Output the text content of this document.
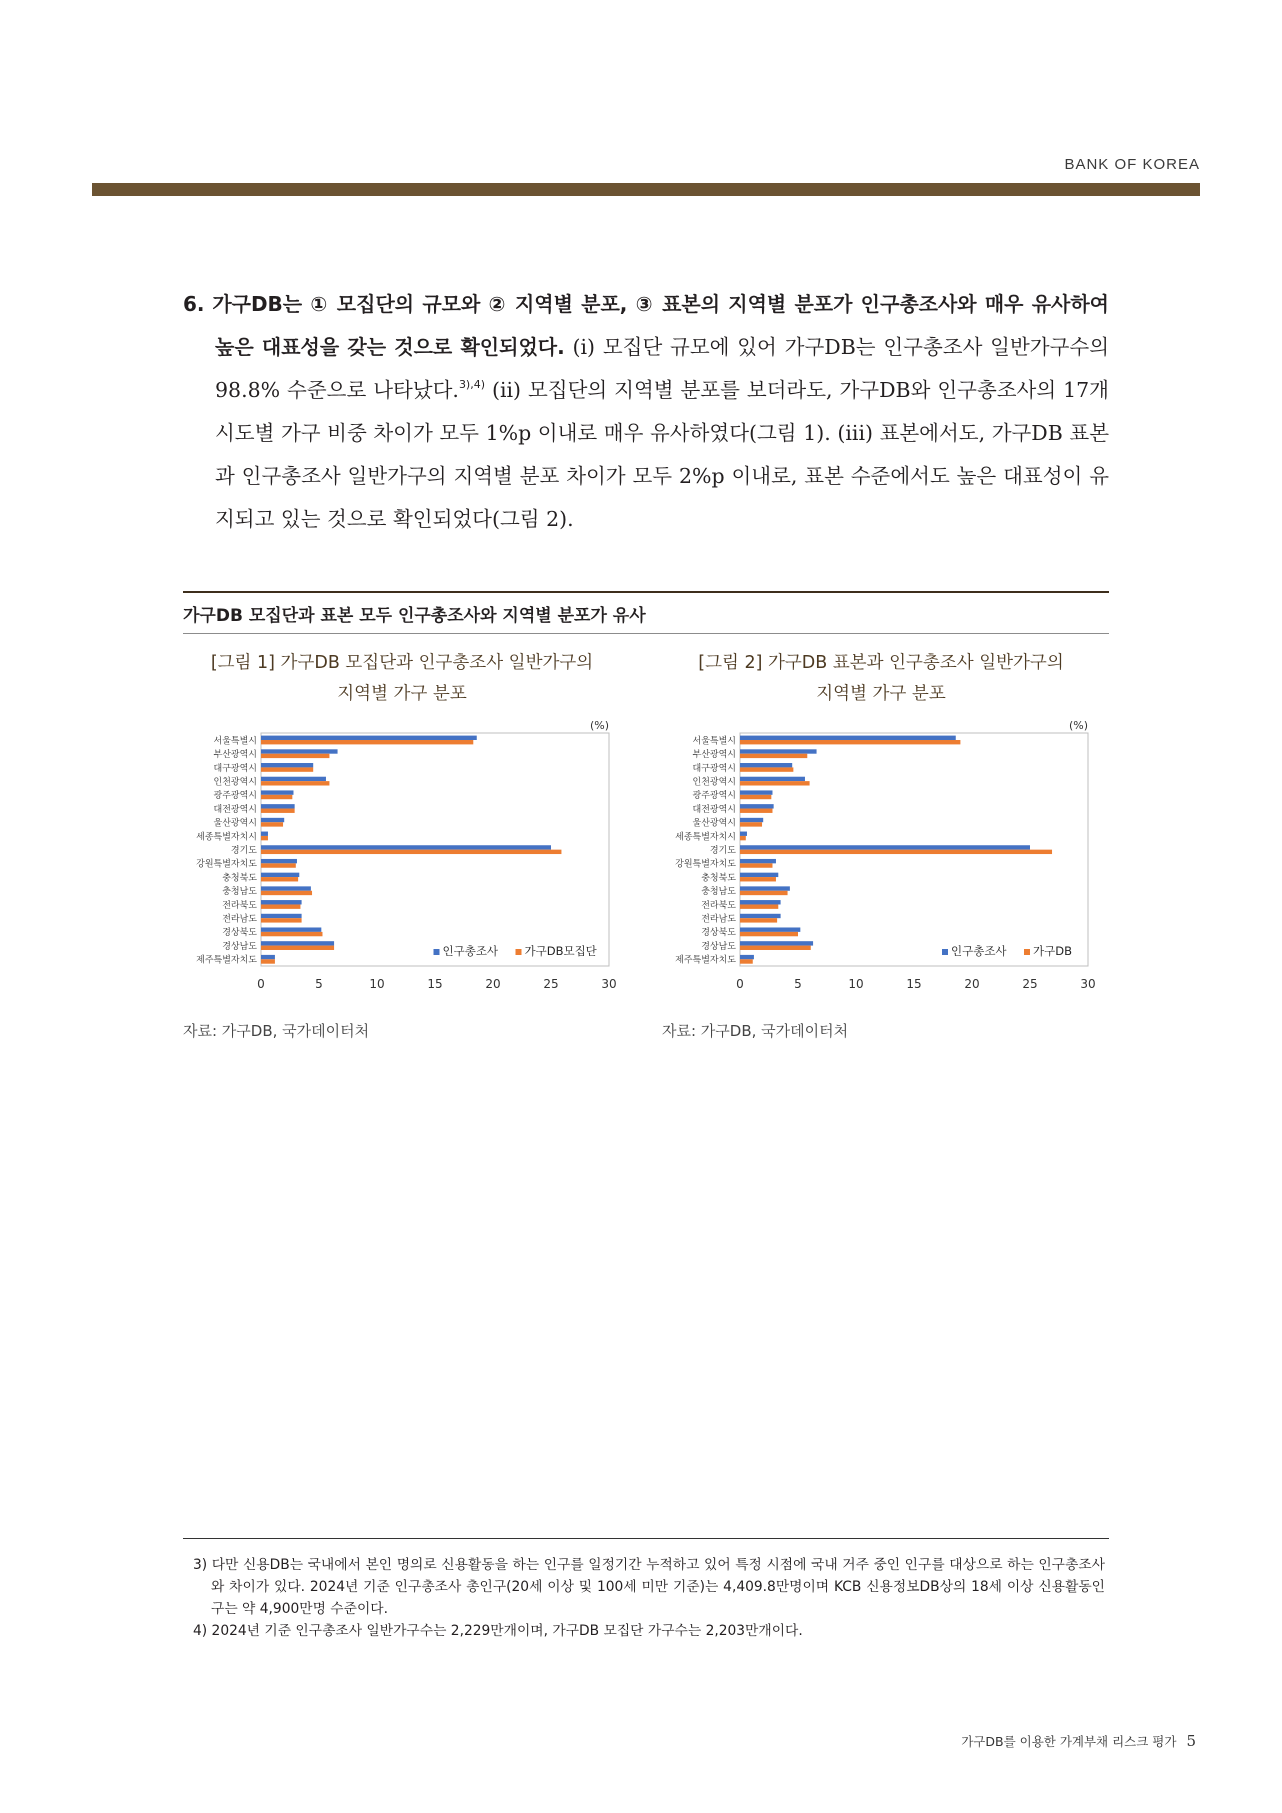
BANK OF KOREA

6. 가구DB는 ① 모집단의 규모와 ② 지역별 분포, ③ 표본의 지역별 분포가 인구총조사와 매우 유사하여 높은 대표성을 갖는 것으로 확인되었다. (i) 모집단 규모에 있어 가구DB는 인구총조사 일반가구수의 98.8% 수준으로 나타났다.$^{3),4)}$ (ii) 모집단의 지역별 분포를 보더라도, 가구DB와 인구총조사의 17개 시도별 가구 비중 차이가 모두 1%p 이내로 매우 유사하였다(그림 1). (iii) 표본에서도, 가구DB 표본과 인구총조사 일반가구의 지역별 분포 차이가 모두 2%p 이내로, 표본 수준에서도 높은 대표성이 유지되고 있는 것으로 확인되었다(그림 2).

가구DB 모집단과 표본 모두 인구총조사와 지역별 분포가 유사
[그림 1] 가구DB 모집단과 인구총조사 일반가구의
지역별 가구 분포
(%)
서울특별시
부산광역시
대구광역시
인천광역시
광주광역시
대전광역시
울산광역시
세종특별자치시
경기도
강원특별자치도
충청북도
충청남도
전라북도
전라남도
경상북도
경상남도
제주특별자치도
0	5	10	15	20	25	30
인구총조사 가구DB모집단
자료: 가구DB, 국가데이터처
[그림 2] 가구DB 표본과 인구총조사 일반가구의
지역별 가구 분포
(%)
서울특별시
부산광역시
대구광역시
인천광역시
광주광역시
대전광역시
울산광역시
세종특별자치시
경기도
강원특별자치도
충청북도
충청남도
전라북도
전라남도
경상북도
경상남도
제주특별자치도
0	5	10	15	20	25	30
인구총조사 가구DB
자료: 가구DB, 국가데이터처
3) 다만 신용DB는 국내에서 본인 명의로 신용활동을 하는 인구를 일정기간 누적하고 있어 특정 시점에 국내 거주 중인 인구를 대상으로 하는 인구총조사와 차이가 있다. 2024년 기준 인구총조사 총인구(20세 이상 및 100세 미만 기준)는 4,409.8만명이며 KCB 신용정보DB상의 18세 이상 신용활동인구는 약 4,900만명 수준이다.
4) 2024년 기준 인구총조사 일반가구수는 2,229만개이며, 가구DB 모집단 가구수는 2,203만개이다.
가구DB를 이용한 가계부채 리스크 평가 5
